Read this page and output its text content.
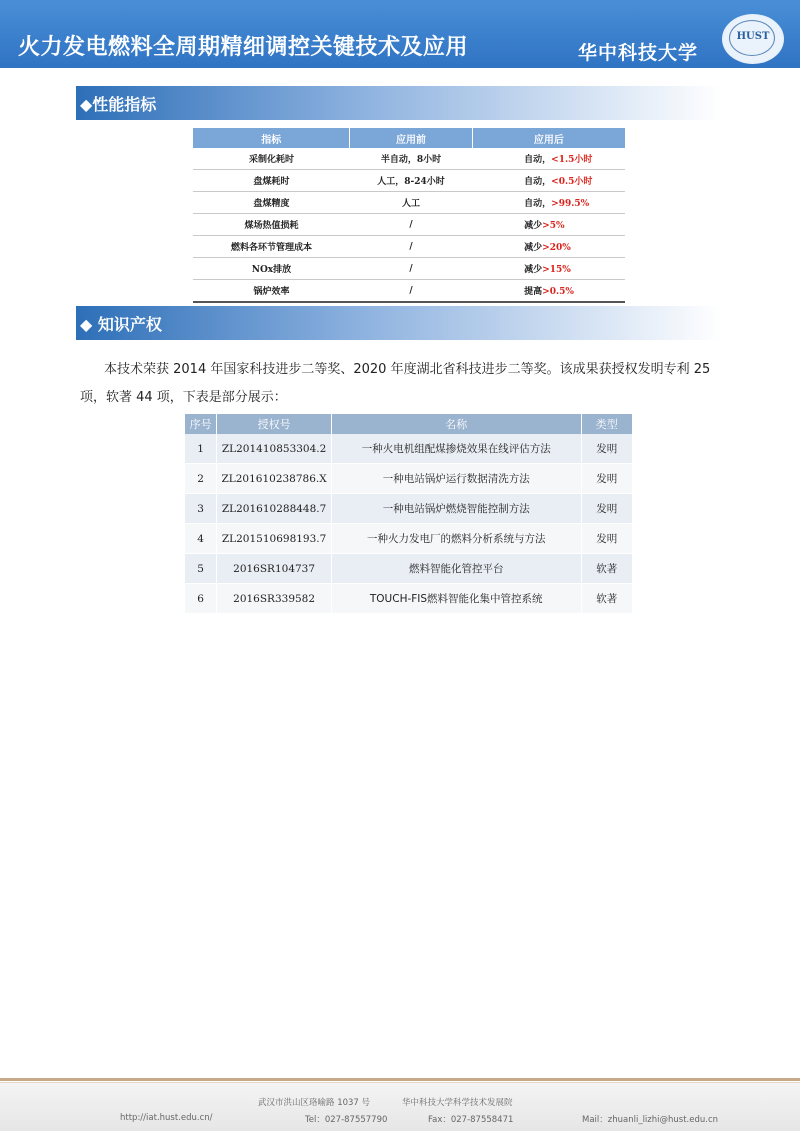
火力发电燃料全周期精细调控关键技术及应用	华中科技大学
HUST
◆性能指标
指标	应用前	应用后
采制化耗时	半自动，8小时	自动，<1.5小时
盘煤耗时	人工，8-24小时	自动，<0.5小时
盘煤精度	人工	自动，>99.5%
煤场热值损耗	/	减少>5%
燃料各环节管理成本	/	减少>20%
NOx排放	/	减少>15%
锅炉效率	/	提高>0.5%
◆ 知识产权
本技术荣获 2014 年国家科技进步二等奖、2020 年度湖北省科技进步二等奖。该成果获授权发明专利 25 项，软著 44 项，下表是部分展示：
序号	授权号	名称	类型
1	ZL201410853304.2	一种火电机组配煤掺烧效果在线评估方法	发明
2	ZL201610238786.X	一种电站锅炉运行数据清洗方法	发明
3	ZL201610288448.7	一种电站锅炉燃烧智能控制方法	发明
4	ZL201510698193.7	一种火力发电厂的燃料分析系统与方法	发明
5	2016SR104737	燃料智能化管控平台	软著
6	2016SR339582	TOUCH-FIS燃料智能化集中管控系统	软著
武汉市洪山区珞喻路 1037 号	华中科技大学科学技术发展院
http://iat.hust.edu.cn/	Tel：027-87557790	Fax：027-87558471	Mail：zhuanli_lizhi@hust.edu.cn
